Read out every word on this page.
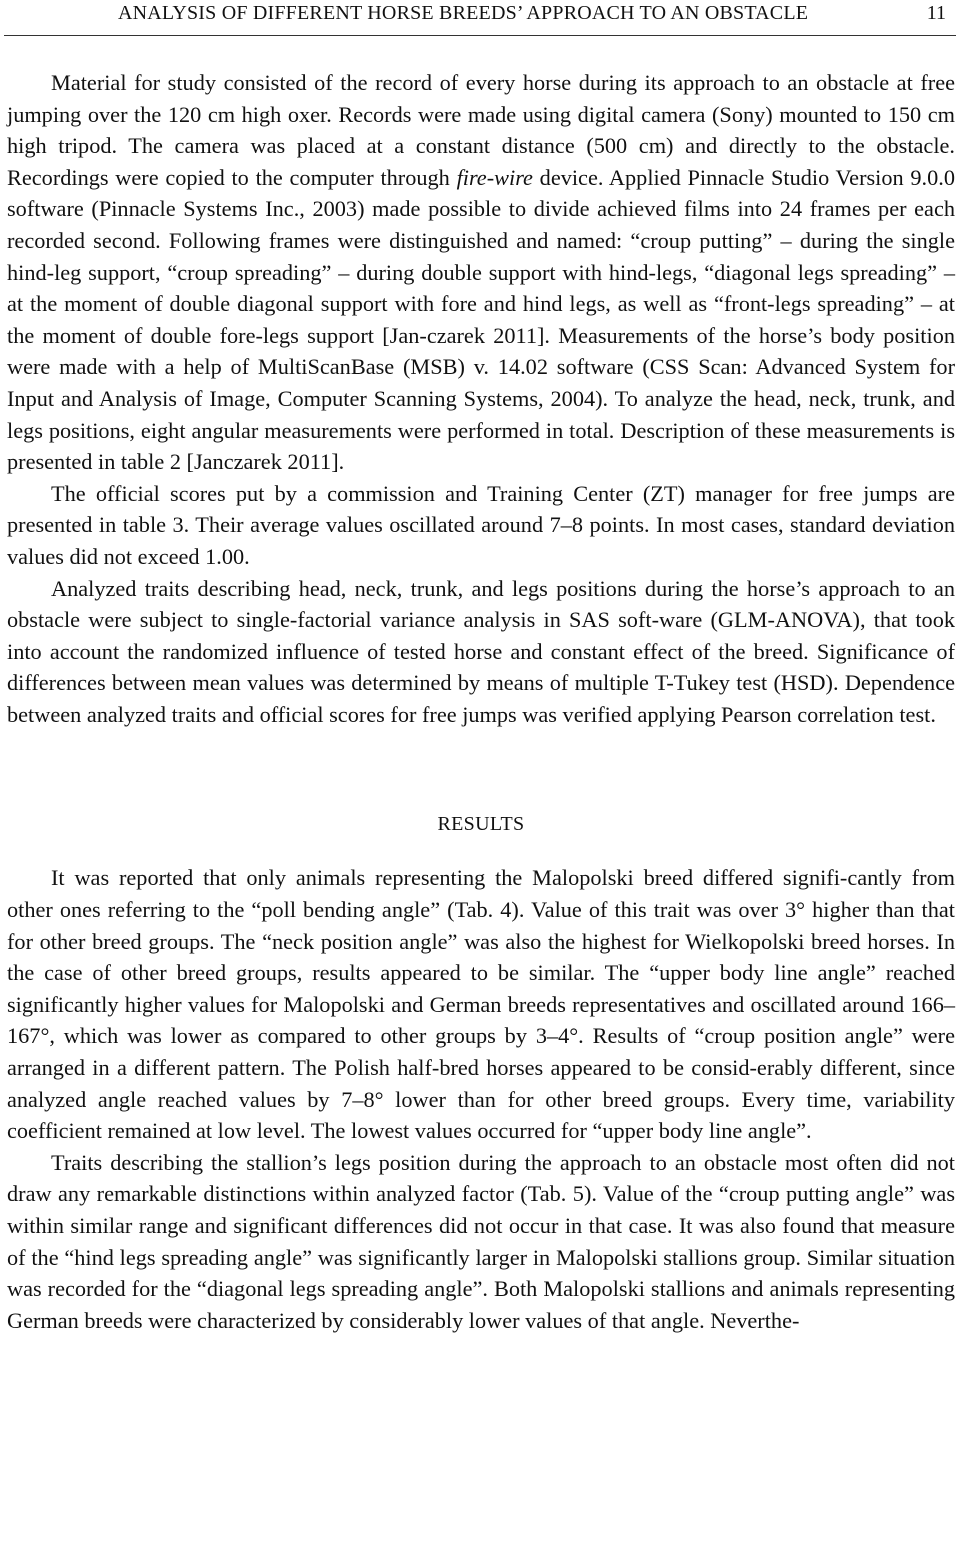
ANALYSIS OF DIFFERENT HORSE BREEDS’ APPROACH TO AN OBSTACLE	11

Material for study consisted of the record of every horse during its approach to an obstacle at free jumping over the 120 cm high oxer. Records were made using digital camera (Sony) mounted to 150 cm high tripod. The camera was placed at a constant distance (500 cm) and directly to the obstacle. Recordings were copied to the computer through fire-wire device. Applied Pinnacle Studio Version 9.0.0 software (Pinnacle Systems Inc., 2003) made possible to divide achieved films into 24 frames per each recorded second. Following frames were distinguished and named: “croup putting” – during the single hind-leg support, “croup spreading” – during double support with hind-legs, “diagonal legs spreading” – at the moment of double diagonal support with fore and hind legs, as well as “front-legs spreading” – at the moment of double fore-legs support [Jan-czarek 2011]. Measurements of the horse’s body position were made with a help of MultiScanBase (MSB) v. 14.02 software (CSS Scan: Advanced System for Input and Analysis of Image, Computer Scanning Systems, 2004). To analyze the head, neck, trunk, and legs positions, eight angular measurements were performed in total. Description of these measurements is presented in table 2 [Janczarek 2011].

The official scores put by a commission and Training Center (ZT) manager for free jumps are presented in table 3. Their average values oscillated around 7–8 points. In most cases, standard deviation values did not exceed 1.00.

Analyzed traits describing head, neck, trunk, and legs positions during the horse’s approach to an obstacle were subject to single-factorial variance analysis in SAS soft-ware (GLM-ANOVA), that took into account the randomized influence of tested horse and constant effect of the breed. Significance of differences between mean values was determined by means of multiple T-Tukey test (HSD). Dependence between analyzed traits and official scores for free jumps was verified applying Pearson correlation test.

RESULTS

It was reported that only animals representing the Malopolski breed differed signifi-cantly from other ones referring to the “poll bending angle” (Tab. 4). Value of this trait was over 3° higher than that for other breed groups. The “neck position angle” was also the highest for Wielkopolski breed horses. In the case of other breed groups, results appeared to be similar. The “upper body line angle” reached significantly higher values for Malopolski and German breeds representatives and oscillated around 166–167°, which was lower as compared to other groups by 3–4°. Results of “croup position angle” were arranged in a different pattern. The Polish half-bred horses appeared to be consid-erably different, since analyzed angle reached values by 7–8° lower than for other breed groups. Every time, variability coefficient remained at low level. The lowest values occurred for “upper body line angle”.

Traits describing the stallion’s legs position during the approach to an obstacle most often did not draw any remarkable distinctions within analyzed factor (Tab. 5). Value of the “croup putting angle” was within similar range and significant differences did not occur in that case. It was also found that measure of the “hind legs spreading angle” was significantly larger in Malopolski stallions group. Similar situation was recorded for the “diagonal legs spreading angle”. Both Malopolski stallions and animals representing German breeds were characterized by considerably lower values of that angle. Neverthe-
